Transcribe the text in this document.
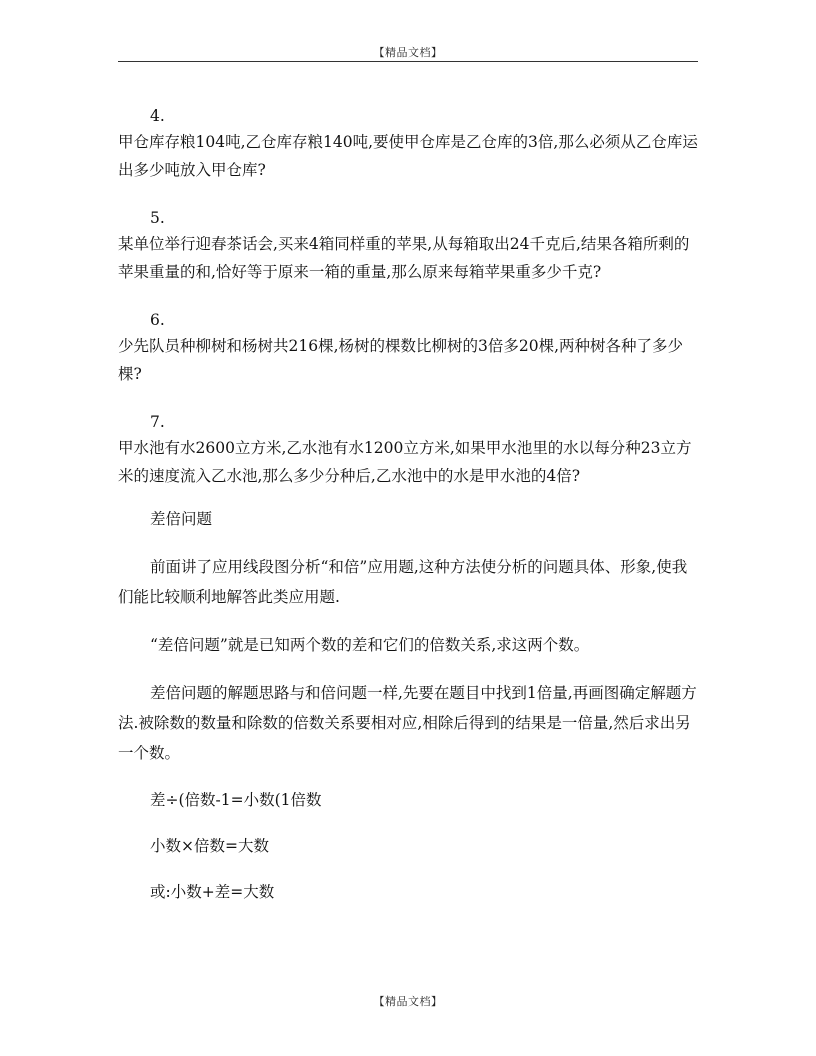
【精品文档】

4.

甲仓库存粮104吨,乙仓库存粮140吨,要使甲仓库是乙仓库的3倍,那么必须从乙仓库运出多少吨放入甲仓库?

5.

某单位举行迎春茶话会,买来4箱同样重的苹果,从每箱取出24千克后,结果各箱所剩的苹果重量的和,恰好等于原来一箱的重量,那么原来每箱苹果重多少千克?

6.

少先队员种柳树和杨树共216棵,杨树的棵数比柳树的3倍多20棵,两种树各种了多少棵?

7.

甲水池有水2600立方米,乙水池有水1200立方米,如果甲水池里的水以每分种23立方米的速度流入乙水池,那么多少分种后,乙水池中的水是甲水池的4倍?

差倍问题

前面讲了应用线段图分析“和倍”应用题,这种方法使分析的问题具体、形象,使我们能比较顺利地解答此类应用题.

“差倍问题”就是已知两个数的差和它们的倍数关系,求这两个数。

差倍问题的解题思路与和倍问题一样,先要在题目中找到1倍量,再画图确定解题方法.被除数的数量和除数的倍数关系要相对应,相除后得到的结果是一倍量,然后求出另一个数。

差÷(倍数-1=小数(1倍数

小数×倍数=大数

或:小数+差=大数

【精品文档】
